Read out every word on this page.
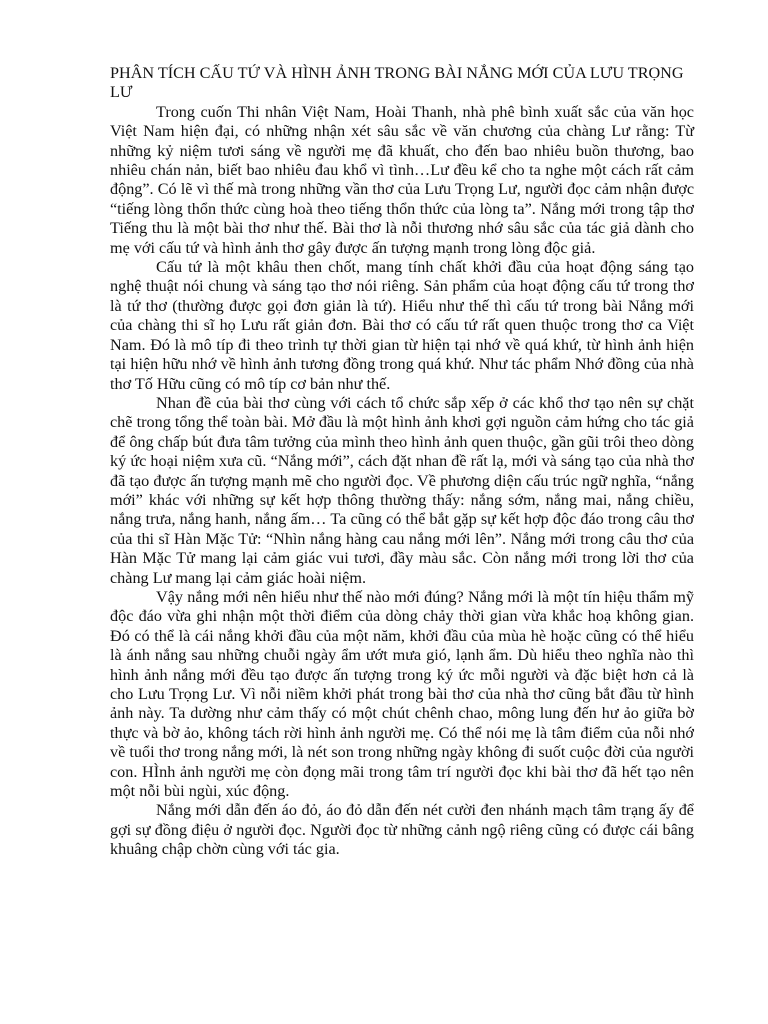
PHÂN TÍCH CẤU TỨ VÀ HÌNH ẢNH TRONG BÀI NẮNG MỚI CỦA LƯU TRỌNG LƯ

Trong cuốn Thi nhân Việt Nam, Hoài Thanh, nhà phê bình xuất sắc của văn học Việt Nam hiện đại, có những nhận xét sâu sắc về văn chương của chàng Lư rằng: Từ những kỷ niệm tươi sáng về người mẹ đã khuất, cho đến bao nhiêu buồn thương, bao nhiêu chán nản, biết bao nhiêu đau khổ vì tình…Lư đều kể cho ta nghe một cách rất cảm động”. Có lẽ vì thế mà trong những vần thơ của Lưu Trọng Lư, người đọc cảm nhận được “tiếng lòng thổn thức cùng hoà theo tiếng thổn thức của lòng ta”. Nắng mới trong tập thơ Tiếng thu là một bài thơ như thế. Bài thơ là nỗi thương nhớ sâu sắc của tác giả dành cho mẹ với cấu tứ và hình ảnh thơ gây được ấn tượng mạnh trong lòng độc giả.

Cấu tứ là một khâu then chốt, mang tính chất khởi đầu của hoạt động sáng tạo nghệ thuật nói chung và sáng tạo thơ nói riêng. Sản phẩm của hoạt động cấu tứ trong thơ là tứ thơ (thường được gọi đơn giản là tứ). Hiểu như thế thì cấu tứ trong bài Nắng mới của chàng thi sĩ họ Lưu rất giản đơn. Bài thơ có cấu tứ rất quen thuộc trong thơ ca Việt Nam. Đó là mô típ đi theo trình tự thời gian từ hiện tại nhớ về quá khứ, từ hình ảnh hiện tại hiện hữu nhớ về hình ảnh tương đồng trong quá khứ. Như tác phẩm Nhớ đồng của nhà thơ Tố Hữu cũng có mô típ cơ bản như thế.

Nhan đề của bài thơ cùng với cách tổ chức sắp xếp ở các khổ thơ tạo nên sự chặt chẽ trong tổng thể toàn bài. Mở đầu là một hình ảnh khơi gợi nguồn cảm hứng cho tác giả để ông chấp bút đưa tâm tưởng của mình theo hình ảnh quen thuộc, gần gũi trôi theo dòng ký ức hoại niệm xưa cũ. “Nắng mới”, cách đặt nhan đề rất lạ, mới và sáng tạo của nhà thơ đã tạo được ấn tượng mạnh mẽ cho người đọc. Về phương diện cấu trúc ngữ nghĩa, “nắng mới” khác với những sự kết hợp thông thường thấy: nắng sớm, nắng mai, nắng chiều, nắng trưa, nắng hanh, nắng ấm… Ta cũng có thể bắt gặp sự kết hợp độc đáo trong câu thơ của thi sĩ Hàn Mặc Tử: “Nhìn nắng hàng cau nắng mới lên”. Nắng mới trong câu thơ của Hàn Mặc Tử mang lại cảm giác vui tươi, đầy màu sắc. Còn nắng mới trong lời thơ của chàng Lư mang lại cảm giác hoài niệm.

Vậy nắng mới nên hiểu như thế nào mới đúng? Nắng mới là một tín hiệu thẩm mỹ độc đáo vừa ghi nhận một thời điểm của dòng chảy thời gian vừa khắc hoạ không gian. Đó có thể là cái nắng khởi đầu của một năm, khởi đầu của mùa hè hoặc cũng có thể hiểu là ánh nắng sau những chuỗi ngày ẩm ướt mưa gió, lạnh ẩm. Dù hiểu theo nghĩa nào thì hình ảnh nắng mới đều tạo được ấn tượng trong ký ức mỗi người và đặc biệt hơn cả là cho Lưu Trọng Lư. Vì nỗi niềm khởi phát trong bài thơ của nhà thơ cũng bắt đầu từ hình ảnh này. Ta dường như cảm thấy có một chút chênh chao, mông lung đến hư ảo giữa bờ thực và bờ ảo, không tách rời hình ảnh người mẹ. Có thể nói mẹ là tâm điểm của nỗi nhớ về tuổi thơ trong nắng mới, là nét son trong những ngày không đi suốt cuộc đời của người con. HÌnh ảnh người mẹ còn đọng mãi trong tâm trí người đọc khi bài thơ đã hết tạo nên một nỗi bùi ngùi, xúc động.

Nắng mới dẫn đến áo đỏ, áo đỏ dẫn đến nét cười đen nhánh mạch tâm trạng ấy để gợi sự đồng điệu ở người đọc. Người đọc từ những cảnh ngộ riêng cũng có được cái bâng khuâng chập chờn cùng với tác gia.
